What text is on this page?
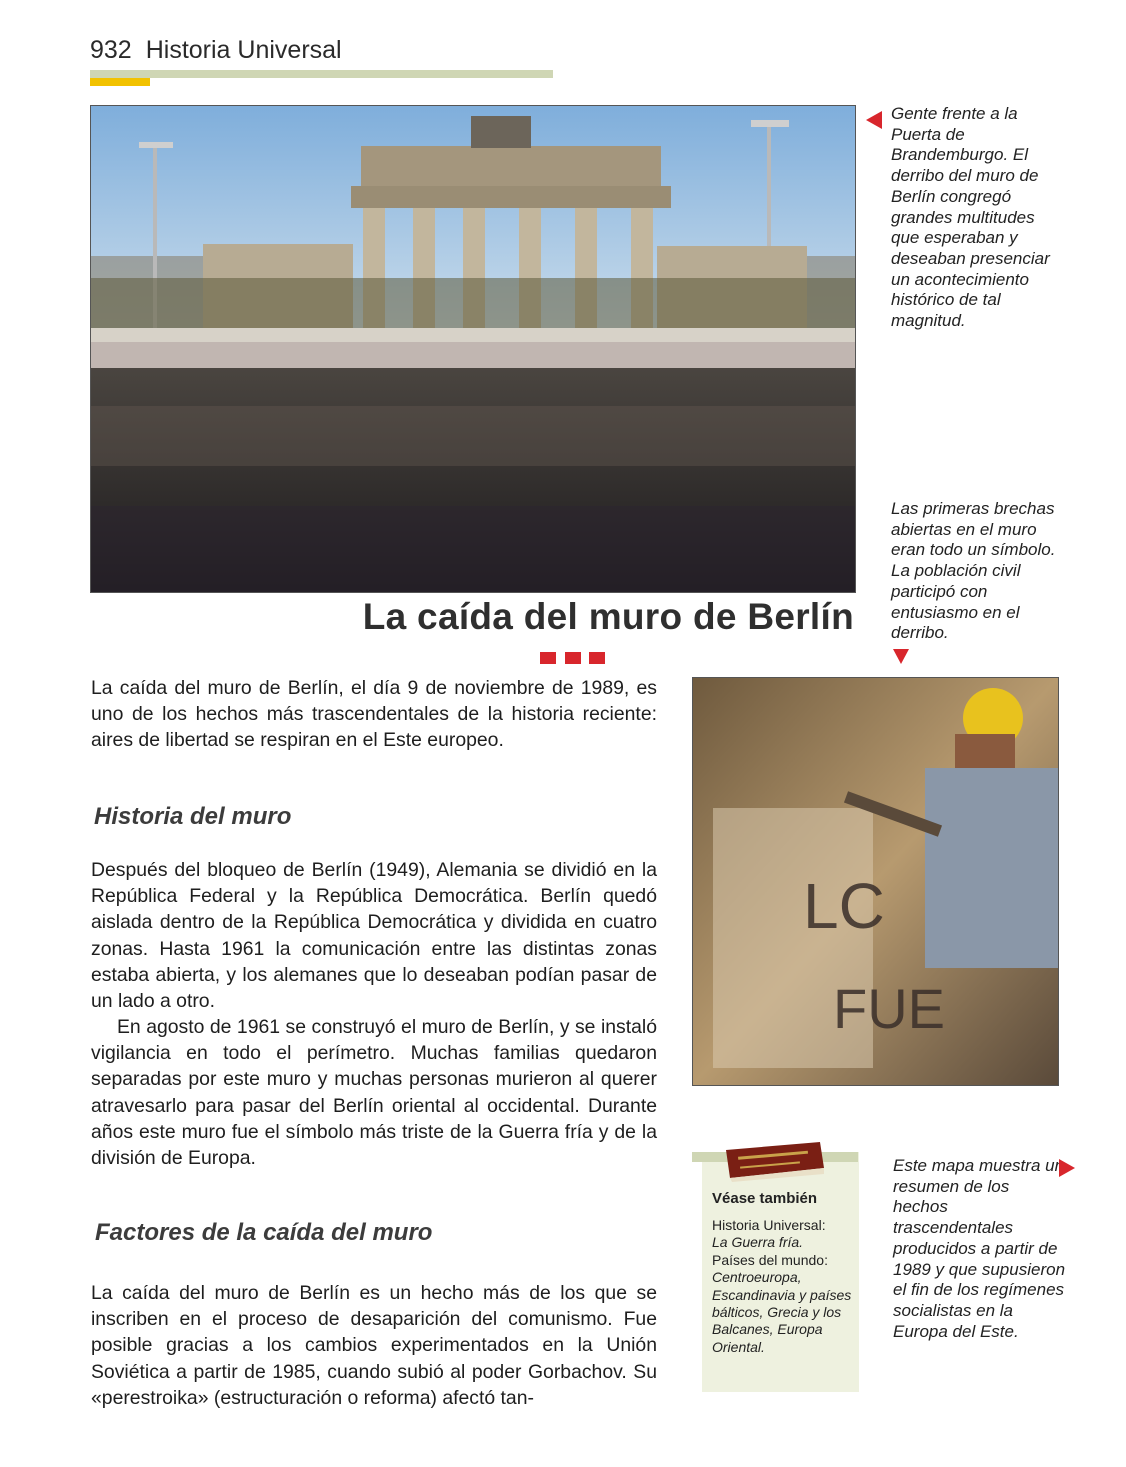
932 Historia Universal
Gente frente a la Puerta de Brandemburgo. El derribo del muro de Berlín congregó grandes multitudes que esperaban y deseaban presenciar un acontecimiento histórico de tal magnitud.
Las primeras brechas abiertas en el muro eran todo un símbolo. La población civil participó con entusiasmo en el derribo.
La caída del muro de Berlín
LC
FUE
La caída del muro de Berlín, el día 9 de noviembre de 1989, es uno de los hechos más trascendentales de la historia reciente: aires de libertad se respiran en el Este europeo.
Historia del muro
Después del bloqueo de Berlín (1949), Alemania se dividió en la República Federal y la República Democrática. Berlín quedó aislada dentro de la República Democrática y dividida en cuatro zonas. Hasta 1961 la comunicación entre las distintas zonas estaba abierta, y los alemanes que lo deseaban podían pasar de un lado a otro.
En agosto de 1961 se construyó el muro de Berlín, y se instaló vigilancia en todo el perímetro. Muchas familias quedaron separadas por este muro y muchas personas murieron al querer atravesarlo para pasar del Berlín oriental al occidental. Durante años este muro fue el símbolo más triste de la Guerra fría y de la división de Europa.
Factores de la caída del muro
La caída del muro de Berlín es un hecho más de los que se inscriben en el proceso de desaparición del comunismo. Fue posible gracias a los cambios experimentados en la Unión Soviética a partir de 1985, cuando subió al poder Gorbachov. Su «perestroika» (estructuración o reforma) afectó tan-
Véase también
Historia Universal:
La Guerra fría.
Países del mundo:
Centroeuropa, Escandinavia y países bálticos, Grecia y los Balcanes, Europa Oriental.
Este mapa muestra un resumen de los hechos trascendentales producidos a partir de 1989 y que supusieron el fin de los regímenes socialistas en la Europa del Este.
